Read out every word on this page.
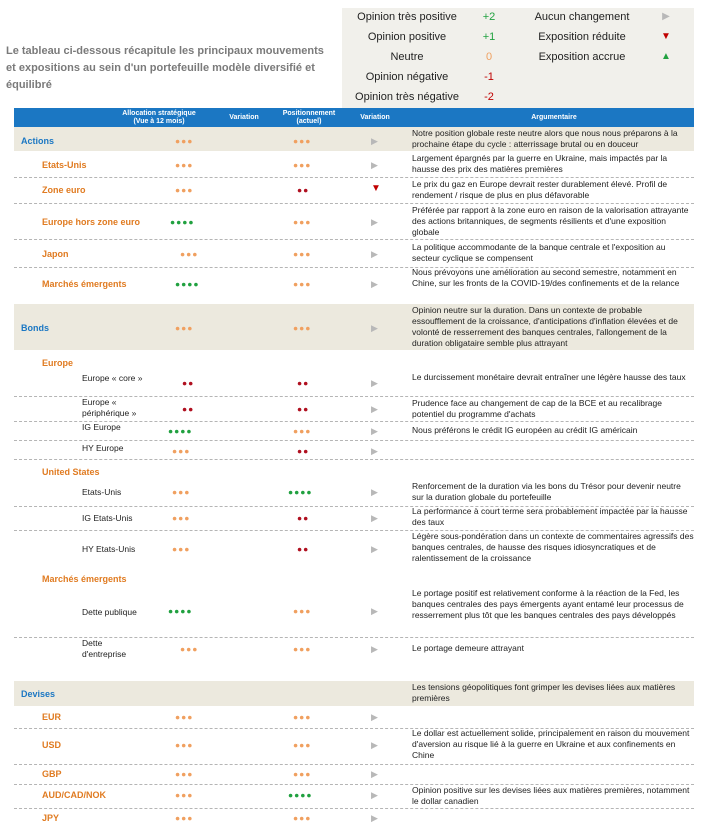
Le tableau ci-dessous récapitule les principaux mouvements et expositions au sein d'un portefeuille modèle diversifié et équilibré
Opinion très positive	+2	Aucun changement	▶
Opinion positive	+1	Exposition réduite	▼
Neutre	0	Exposition accrue	▲
Opinion négative	-1
Opinion très négative	-2
Allocation stratégique (Vue à 12 mois)	Variation
Positionnement (actuel)	Variation	Argumentaire
Actions	●●●	●●●	▶
Notre position globale reste neutre alors que nous nous préparons à la prochaine étape du cycle : atterrissage brutal ou en douceur
Etats-Unis	●●●	●●●	▶
Largement épargnés par la guerre en Ukraine, mais impactés par la hausse des prix des matières premières
Zone euro	●●●	●●	▼	Le prix du gaz en Europe devrait rester durablement élevé. Profil de rendement / risque de plus en plus défavorable
Europe hors zone euro	●●●●	●●●	▶
Préférée par rapport à la zone euro en raison de la valorisation attrayante des actions britanniques, de segments résilients et d'une exposition globale
Japon	●●●	●●●	▶
La politique accommodante de la banque centrale et l'exposition au secteur cyclique se compensent
Marchés émergents	●●●●	●●●	▶
Nous prévoyons une amélioration au second semestre, notamment en Chine, sur les fronts de la COVID-19/des confinements et de la relance
Bonds	●●●	●●●	▶
Opinion neutre sur la duration. Dans un contexte de probable essoufflement de la croissance, d'anticipations d'inflation élevées et de volonté de resserrement des banques centrales, l'allongement de la duration obligataire semble plus attrayant
Europe
Europe « core »	●●	●●	▶
Le durcissement monétaire devrait entraîner une légère hausse des taux
Europe « périphérique »	●●	●●	▶
Prudence face au changement de cap de la BCE et au recalibrage potentiel du programme d'achats
IG Europe	●●●●	●●●	▶	Nous préférons le crédit IG européen au crédit IG américain
HY Europe	●●●	●●	▶
United States
Etats-Unis	●●●	●●●●	▶
Renforcement de la duration via les bons du Trésor pour devenir neutre sur la duration globale du portefeuille
IG Etats-Unis	●●●	●●	▶
La performance à court terme sera probablement impactée par la hausse des taux
HY Etats-Unis	●●●	●●	▶
Légère sous-pondération dans un contexte de commentaires agressifs des banques centrales, de hausse des risques idiosyncratiques et de ralentissement de la croissance
Marchés émergents
Dette publique	●●●●	●●●	▶
Le portage positif est relativement conforme à la réaction de la Fed, les banques centrales des pays émergents ayant entamé leur processus de resserrement plus tôt que les banques centrales des pays développés
Dette d'entreprise	●●●	●●●	▶	Le portage demeure attrayant
Devises
Les tensions géopolitiques font grimper les devises liées aux matières premières
EUR	●●●	●●●	▶
USD	●●●	●●●	▶
Le dollar est actuellement solide, principalement en raison du mouvement d'aversion au risque lié à la guerre en Ukraine et aux confinements en Chine
GBP	●●●	●●●	▶
AUD/CAD/NOK	●●●	●●●●	▶	Opinion positive sur les devises liées aux matières premières, notamment le dollar canadien
JPY	●●●	●●●	▶
